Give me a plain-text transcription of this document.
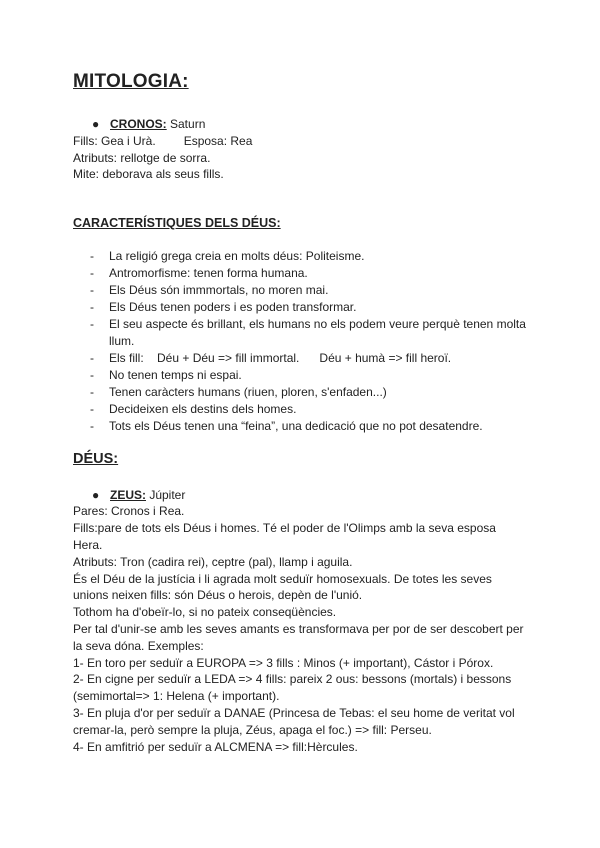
MITOLOGIA:
● CRONOS: Saturn
Fills: Gea i Urà. Esposa: Rea
Atributs: rellotge de sorra.
Mite: deborava als seus fills.
CARACTERÍSTIQUES DELS DÉUS:
- La religió grega creia en molts déus: Politeisme.
- Antromorfisme: tenen forma humana.
- Els Déus són immmortals, no moren mai.
- Els Déus tenen poders i es poden transformar.
- El seu aspecte és brillant, els humans no els podem veure perquè tenen molta llum.
- Els fill:    Déu + Déu => fill immortal.      Déu + humà => fill heroï.
- No tenen temps ni espai.
- Tenen caràcters humans (riuen, ploren, s'enfaden...)
- Decideixen els destins dels homes.
- Tots els Déus tenen una “feina”, una dedicació que no pot desatendre.
DÉUS:
● ZEUS: Júpiter
Pares: Cronos i Rea.
Fills:pare de tots els Déus i homes. Té el poder de l'Olimps amb la seva esposa
Hera.
Atributs: Tron (cadira rei), ceptre (pal), llamp i aguila.
És el Déu de la justícia i li agrada molt seduïr homosexuals. De totes les seves
unions neixen fills: són Déus o herois, depèn de l'unió.
Tothom ha d'obeïr-lo, si no pateix conseqüències.
Per tal d'unir-se amb les seves amants es transformava per por de ser descobert per
la seva dóna. Exemples:
1- En toro per seduïr a EUROPA => 3 fills : Minos (+ important), Cástor i Pórox.
2- En cigne per seduïr a LEDA => 4 fills: pareix 2 ous: bessons (mortals) i bessons
(semimortal=> 1: Helena (+ important).
3- En pluja d'or per seduïr a DANAE (Princesa de Tebas: el seu home de veritat vol
cremar-la, però sempre la pluja, Zéus, apaga el foc.) => fill: Perseu.
4- En amfitrió per seduïr a ALCMENA => fill:Hèrcules.
